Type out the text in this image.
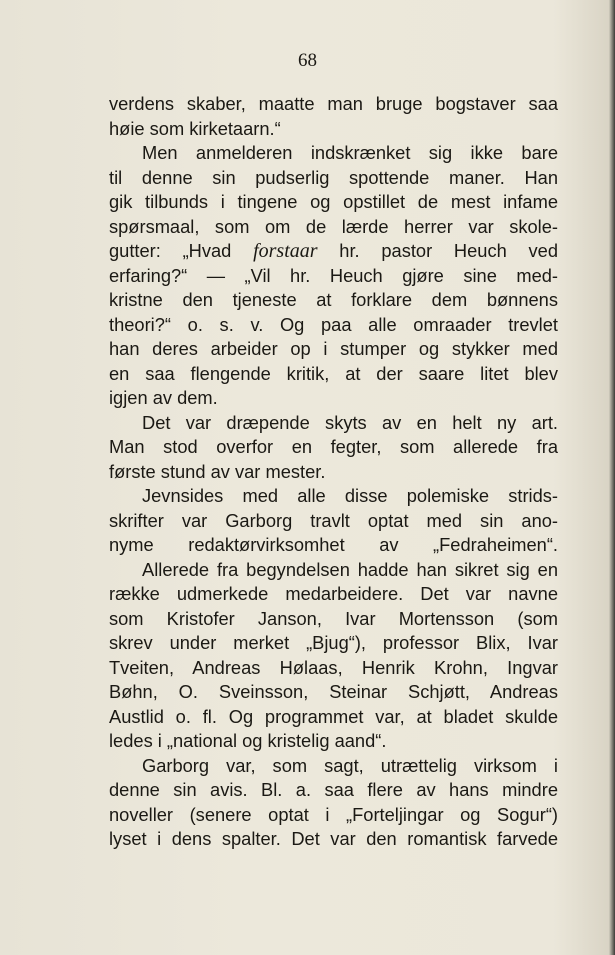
68
verdens skaber, maatte man bruge bogstaver saa
høie som kirketaarn.“
Men anmelderen indskrænket sig ikke bare
til denne sin pudserlig spottende maner. Han
gik tilbunds i tingene og opstillet de mest infame
spørsmaal, som om de lærde herrer var skole-
gutter: „Hvad forstaar hr. pastor Heuch ved
erfaring?“ — „Vil hr. Heuch gjøre sine med-
kristne den tjeneste at forklare dem bønnens
theori?“ o. s. v. Og paa alle omraader trevlet
han deres arbeider op i stumper og stykker med
en saa flengende kritik, at der saare litet blev
igjen av dem.
Det var dræpende skyts av en helt ny art.
Man stod overfor en fegter, som allerede fra
første stund av var mester.
Jevnsides med alle disse polemiske strids-
skrifter var Garborg travlt optat med sin ano-
nyme redaktørvirksomhet av „Fedraheimen“.
Allerede fra begyndelsen hadde han sikret sig en
række udmerkede medarbeidere. Det var navne
som Kristofer Janson, Ivar Mortensson (som
skrev under merket „Bjug“), professor Blix, Ivar
Tveiten, Andreas Hølaas, Henrik Krohn, Ingvar
Bøhn, O. Sveinsson, Steinar Schjøtt, Andreas
Austlid o. fl. Og programmet var, at bladet skulde
ledes i „national og kristelig aand“.
Garborg var, som sagt, utrættelig virksom i
denne sin avis. Bl. a. saa flere av hans mindre
noveller (senere optat i „Forteljingar og Sogur“)
lyset i dens spalter. Det var den romantisk farvede
